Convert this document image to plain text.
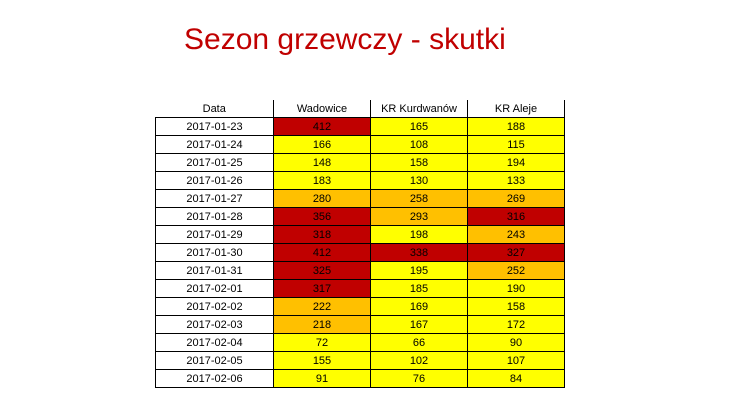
Sezon grzewczy - skutki
Data	Wadowice	KR Kurdwanów	KR Aleje
2017-01-23	412	165	188
2017-01-24	166	108	115
2017-01-25	148	158	194
2017-01-26	183	130	133
2017-01-27	280	258	269
2017-01-28	356	293	316
2017-01-29	318	198	243
2017-01-30	412	338	327
2017-01-31	325	195	252
2017-02-01	317	185	190
2017-02-02	222	169	158
2017-02-03	218	167	172
2017-02-04	72	66	90
2017-02-05	155	102	107
2017-02-06	91	76	84
